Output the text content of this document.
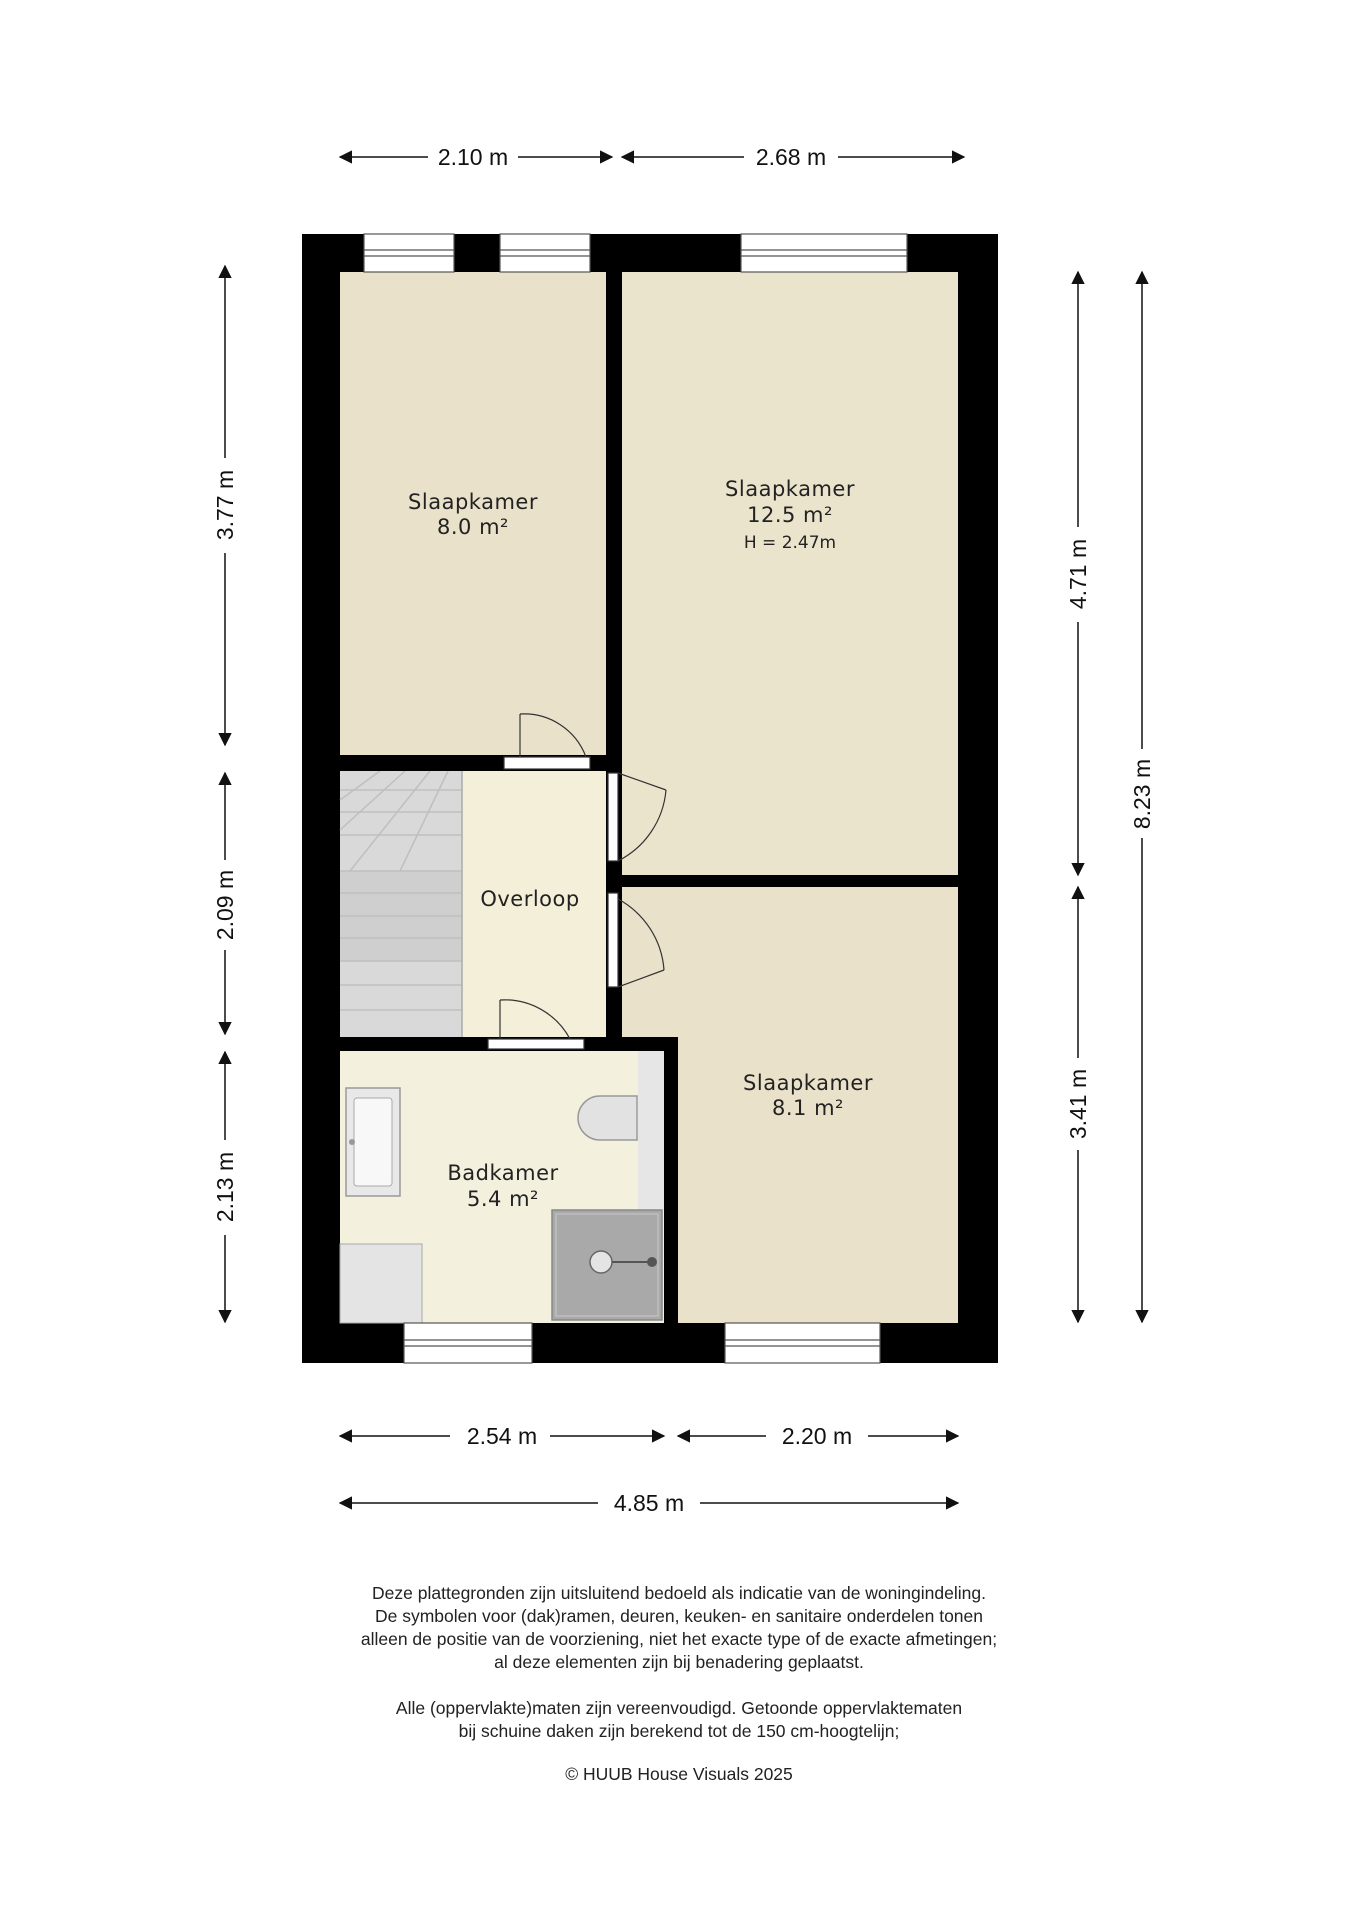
Slaapkamer
8.0 m²
Slaapkamer
12.5 m²
H = 2.47m
Overloop
Slaapkamer
8.1 m²
Badkamer
5.4 m²
2.10 m	2.68 m
3.77 m
2.09 m
2.13 m
4.71 m
3.41 m
8.23 m
2.54 m	2.20 m
4.85 m

Deze plattegronden zijn uitsluitend bedoeld als indicatie van de woningindeling.
De symbolen voor (dak)ramen, deuren, keuken- en sanitaire onderdelen tonen
alleen de positie van de voorziening, niet het exacte type of de exacte afmetingen;
al deze elementen zijn bij benadering geplaatst.

Alle (oppervlakte)maten zijn vereenvoudigd. Getoonde oppervlaktematen
bij schuine daken zijn berekend tot de 150 cm-hoogtelijn;

© HUUB House Visuals 2025
